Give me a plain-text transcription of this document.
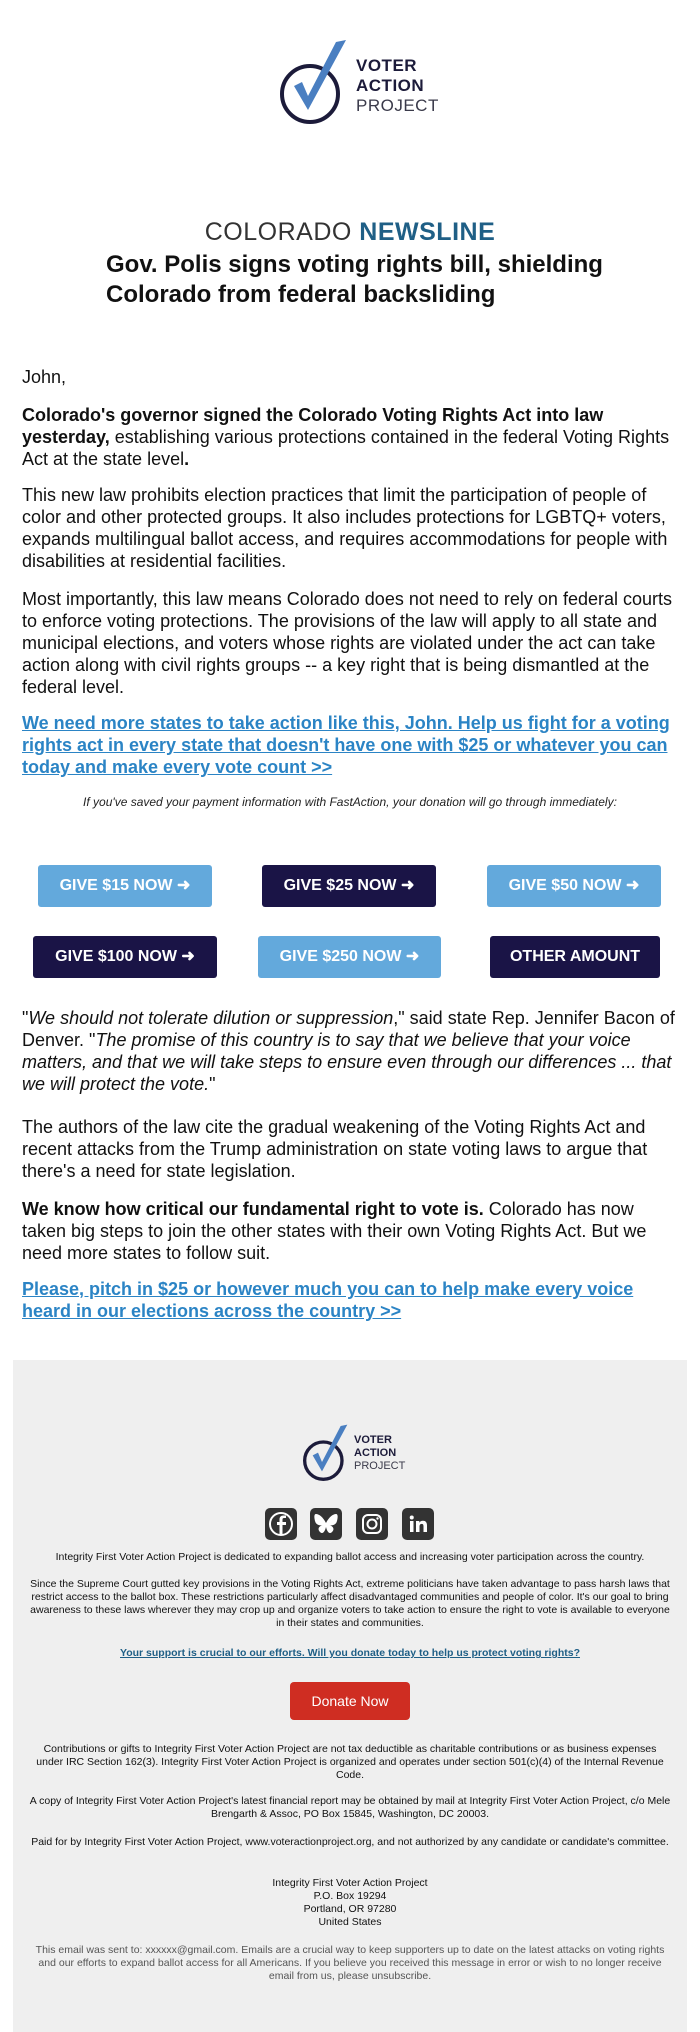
VOTER
ACTION
PROJECT
COLORADO NEWSLINE
Gov. Polis signs voting rights bill, shielding Colorado from federal backsliding
John,
Colorado's governor signed the Colorado Voting Rights Act into law yesterday, establishing various protections contained in the federal Voting Rights Act at the state level.
This new law prohibits election practices that limit the participation of people of color and other protected groups. It also includes protections for LGBTQ+ voters, expands multilingual ballot access, and requires accommodations for people with disabilities at residential facilities.
Most importantly, this law means Colorado does not need to rely on federal courts to enforce voting protections. The provisions of the law will apply to all state and municipal elections, and voters whose rights are violated under the act can take action along with civil rights groups -- a key right that is being dismantled at the federal level.
We need more states to take action like this, John. Help us fight for a voting rights act in every state that doesn't have one with $25 or whatever you can today and make every vote count >>
If you've saved your payment information with FastAction, your donation will go through immediately:
GIVE $15 NOW ➜	GIVE $25 NOW ➜	GIVE $50 NOW ➜
GIVE $100 NOW ➜	GIVE $250 NOW ➜	OTHER AMOUNT
"We should not tolerate dilution or suppression," said state Rep. Jennifer Bacon of Denver. "The promise of this country is to say that we believe that your voice matters, and that we will take steps to ensure even through our differences ... that we will protect the vote."
The authors of the law cite the gradual weakening of the Voting Rights Act and recent attacks from the Trump administration on state voting laws to argue that there's a need for state legislation.
We know how critical our fundamental right to vote is. Colorado has now taken big steps to join the other states with their own Voting Rights Act. But we need more states to follow suit.
Please, pitch in $25 or however much you can to help make every voice heard in our elections across the country >>
VOTER
ACTION
PROJECT
Integrity First Voter Action Project is dedicated to expanding ballot access and increasing voter participation across the country.
Since the Supreme Court gutted key provisions in the Voting Rights Act, extreme politicians have taken advantage to pass harsh laws that restrict access to the ballot box. These restrictions particularly affect disadvantaged communities and people of color. It's our goal to bring awareness to these laws wherever they may crop up and organize voters to take action to ensure the right to vote is available to everyone in their states and communities.
Your support is crucial to our efforts. Will you donate today to help us protect voting rights?
Donate Now
Contributions or gifts to Integrity First Voter Action Project are not tax deductible as charitable contributions or as business expenses under IRC Section 162(3). Integrity First Voter Action Project is organized and operates under section 501(c)(4) of the Internal Revenue Code.
A copy of Integrity First Voter Action Project's latest financial report may be obtained by mail at Integrity First Voter Action Project, c/o Mele Brengarth & Assoc, PO Box 15845, Washington, DC 20003.
Paid for by Integrity First Voter Action Project, www.voteractionproject.org, and not authorized by any candidate or candidate's committee.
Integrity First Voter Action Project
P.O. Box 19294
Portland, OR 97280
United States
This email was sent to: xxxxxx@gmail.com. Emails are a crucial way to keep supporters up to date on the latest attacks on voting rights and our efforts to expand ballot access for all Americans. If you believe you received this message in error or wish to no longer receive email from us, please unsubscribe.
